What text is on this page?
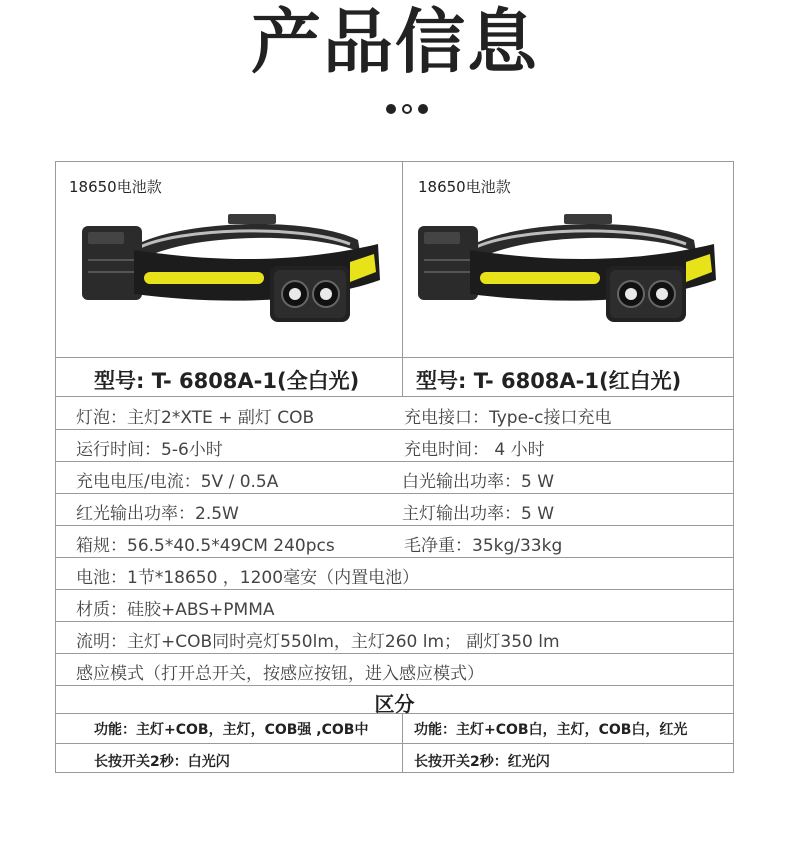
产品信息
18650电池款	18650电池款
型号: T- 6808A-1(全白光)	型号: T- 6808A-1(红白光)
灯泡：主灯2*XTE + 副灯 COB	充电接口：Type-c接口充电
运行时间：5-6小时	充电时间： 4 小时
充电电压/电流：5V / 0.5A	白光输出功率：5 W
红光输出功率：2.5W	主灯输出功率：5 W
箱规：56.5*40.5*49CM 240pcs	毛净重：35kg/33kg
电池：1节*18650 ，1200毫安（内置电池）
材质：硅胶+ABS+PMMA
流明：主灯+COB同时亮灯550lm，主灯260 lm； 副灯350 lm
感应模式（打开总开关，按感应按钮，进入感应模式）
区分
功能：主灯+COB，主灯，COB强 ,COB中	功能：主灯+COB白，主灯，COB白，红光
长按开关2秒：白光闪	长按开关2秒：红光闪
